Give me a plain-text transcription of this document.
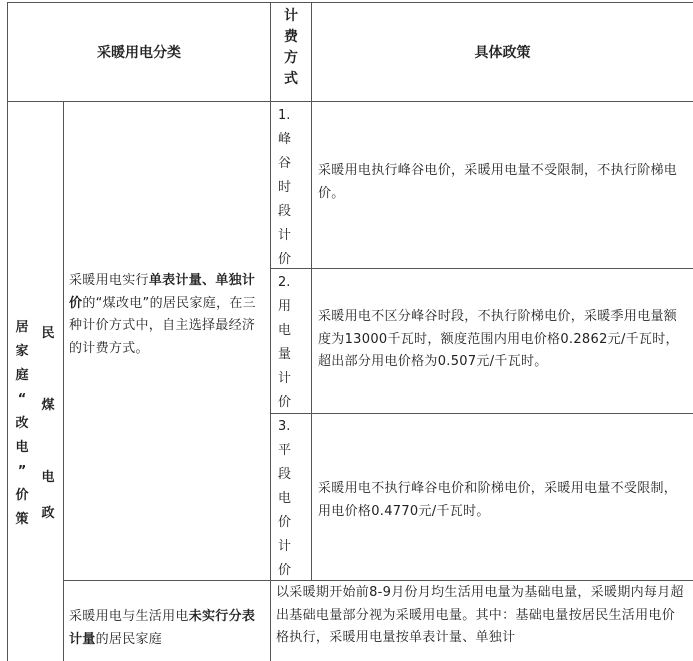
采暖用电分类
计
费
方
式
具体政策
居
家
庭
“
改
电
”
价
策
民

煤

电
政
采暖用电实行单表计量、单独计价的“煤改电”的居民家庭，在三种计价方式中，自主选择最经济的计费方式。
1.
峰
谷
时
段
计
价
采暖用电执行峰谷电价，采暖用电量不受限制，不执行阶梯电价。
2.
用
电
量
计
价
采暖用电不区分峰谷时段，不执行阶梯电价，采暖季用电量额度为13000千瓦时，额度范围内用电价格0.2862元/千瓦时，超出部分用电价格为0.507元/千瓦时。
3.
平
段
电
价
计
价
采暖用电不执行峰谷电价和阶梯电价，采暖用电量不受限制，用电价格0.4770元/千瓦时。
采暖用电与生活用电未实行分表计量的居民家庭
以采暖期开始前8-9月份月均生活用电量为基础电量，采暖期内每月超出基础电量部分视为采暖用电量。其中：基础电量按居民生活用电价格执行，采暖用电量按单表计量、单独计
